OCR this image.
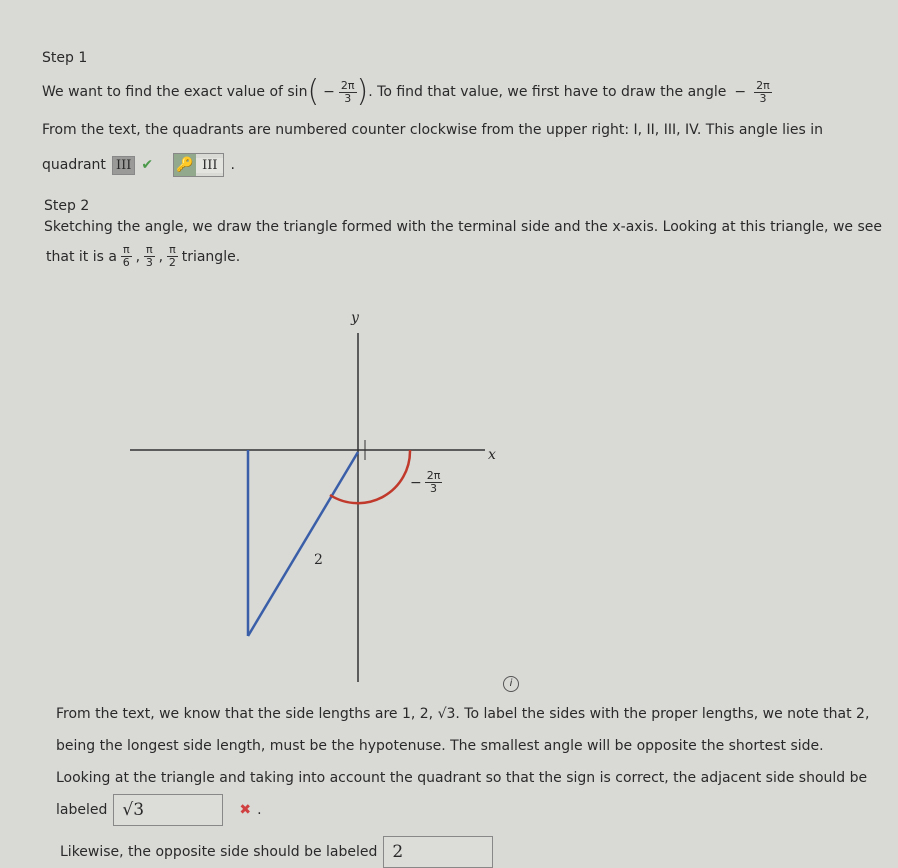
Step 1
We want to find the exact value of sin ( − $\frac{2\pi}{3}$ ) . To find that value, we first have to draw the angle − $\frac{2\pi}{3}$
From the text, the quadrants are numbered counter clockwise from the upper right: I, II, III, IV. This angle lies in
quadrant III ✔ 🔑 III .
Step 2
Sketching the angle, we draw the triangle formed with the terminal side and the x-axis. Looking at this triangle, we see
that it is a $\frac{\pi}{6}$ , $\frac{\pi}{3}$ , $\frac{\pi}{2}$ triangle.
y
x
2
− $\frac{2\pi}{3}$
i
From the text, we know that the side lengths are 1, 2, √3. To label the sides with the proper lengths, we note that 2,
being the longest side length, must be the hypotenuse. The smallest angle will be opposite the shortest side.
Looking at the triangle and taking into account the quadrant so that the sign is correct, the adjacent side should be
labeled √3	✖ .
Likewise, the opposite side should be labeled 2
